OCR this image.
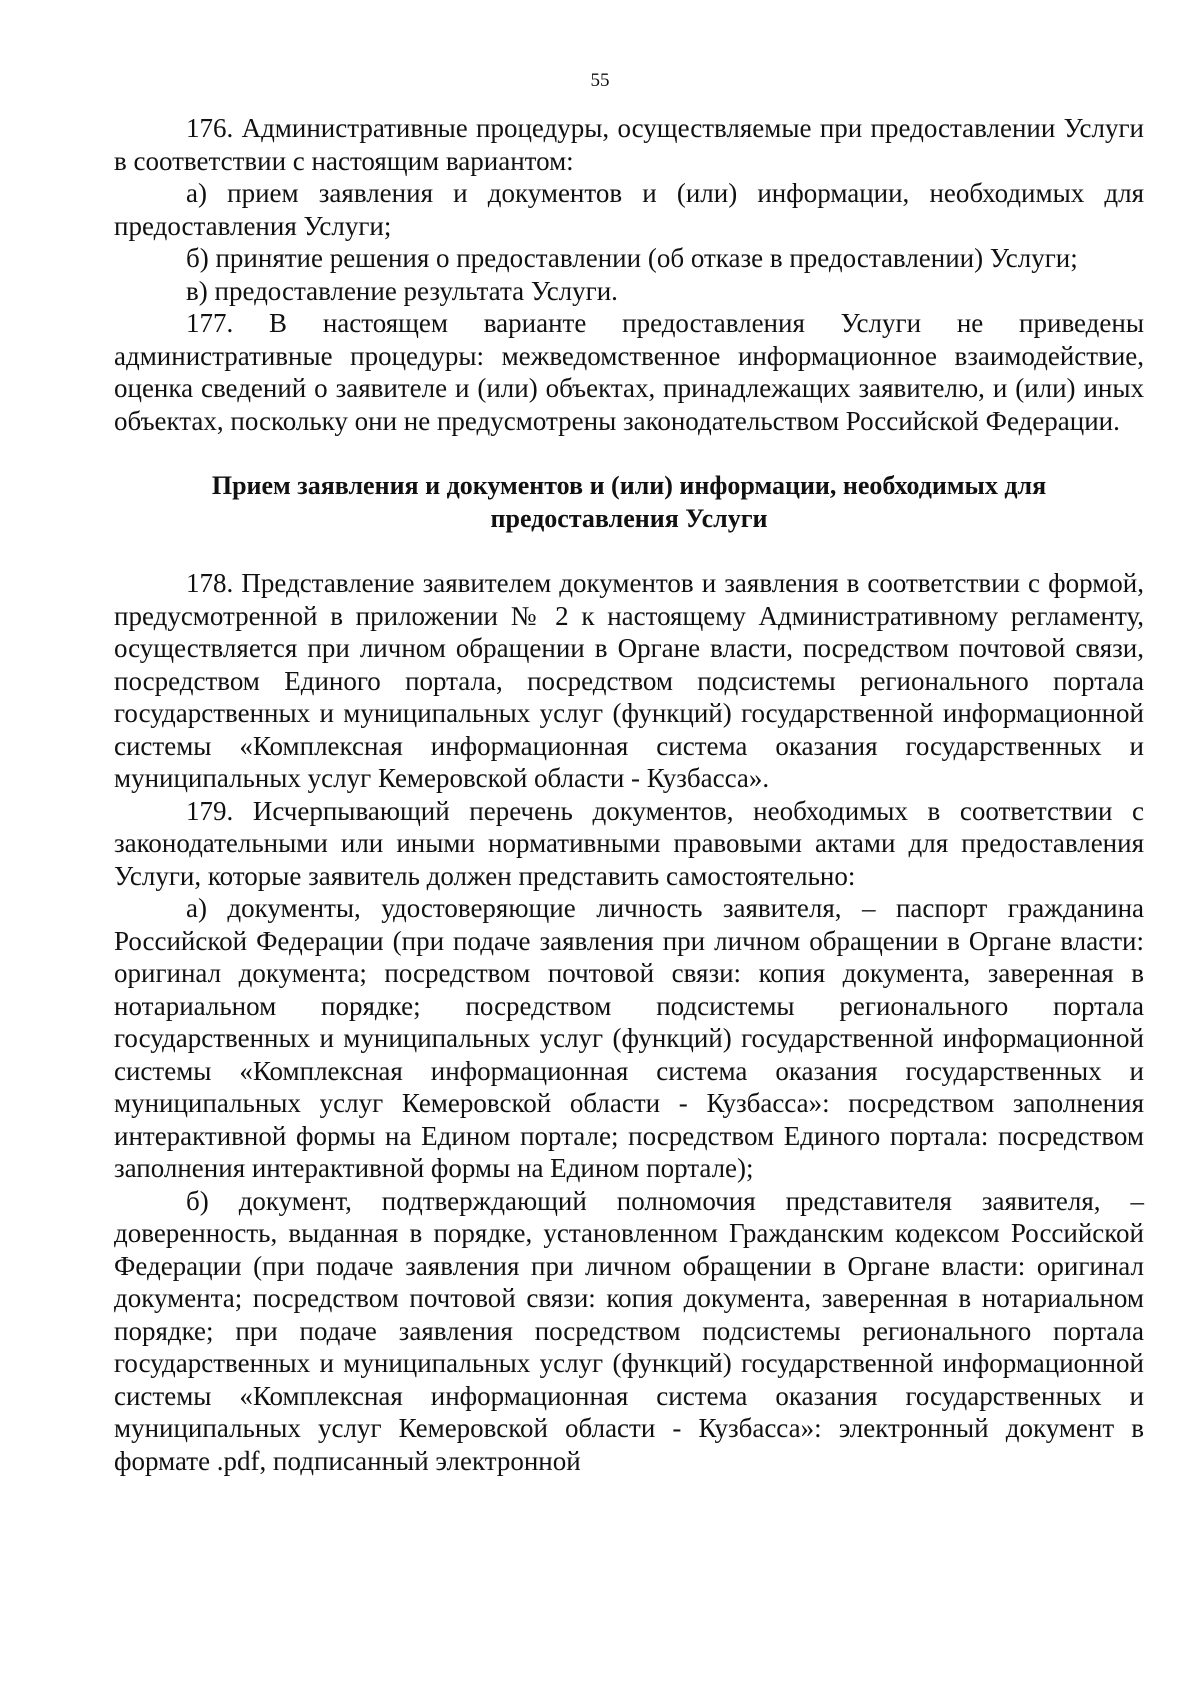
55

176. Административные процедуры, осуществляемые при предоставлении Услуги в соответствии с настоящим вариантом:

а) прием заявления и документов и (или) информации, необходимых для предоставления Услуги;

б) принятие решения о предоставлении (об отказе в предоставлении) Услуги;

в) предоставление результата Услуги.

177. В настоящем варианте предоставления Услуги не приведены административные процедуры: межведомственное информационное взаимодействие, оценка сведений о заявителе и (или) объектах, принадлежащих заявителю, и (или) иных объектах, поскольку они не предусмотрены законодательством Российской Федерации.

Прием заявления и документов и (или) информации, необходимых для
предоставления Услуги

178. Представление заявителем документов и заявления в соответствии с формой, предусмотренной в приложении № 2 к настоящему Административному регламенту, осуществляется при личном обращении в Органе власти, посредством почтовой связи, посредством Единого портала, посредством подсистемы регионального портала государственных и муниципальных услуг (функций) государственной информационной системы «Комплексная информационная система оказания государственных и муниципальных услуг Кемеровской области - Кузбасса».

179. Исчерпывающий перечень документов, необходимых в соответствии с законодательными или иными нормативными правовыми актами для предоставления Услуги, которые заявитель должен представить самостоятельно:

а) документы, удостоверяющие личность заявителя, – паспорт гражданина Российской Федерации (при подаче заявления при личном обращении в Органе власти: оригинал документа; посредством почтовой связи: копия документа, заверенная в нотариальном порядке; посредством подсистемы регионального портала государственных и муниципальных услуг (функций) государственной информационной системы «Комплексная информационная система оказания государственных и муниципальных услуг Кемеровской области - Кузбасса»: посредством заполнения интерактивной формы на Едином портале; посредством Единого портала: посредством заполнения интерактивной формы на Едином портале);

б) документ, подтверждающий полномочия представителя заявителя, – доверенность, выданная в порядке, установленном Гражданским кодексом Российской Федерации (при подаче заявления при личном обращении в Органе власти: оригинал документа; посредством почтовой связи: копия документа, заверенная в нотариальном порядке; при подаче заявления посредством подсистемы регионального портала государственных и муниципальных услуг (функций) государственной информационной системы «Комплексная информационная система оказания государственных и муниципальных услуг Кемеровской области - Кузбасса»: электронный документ в формате .pdf, подписанный электронной
